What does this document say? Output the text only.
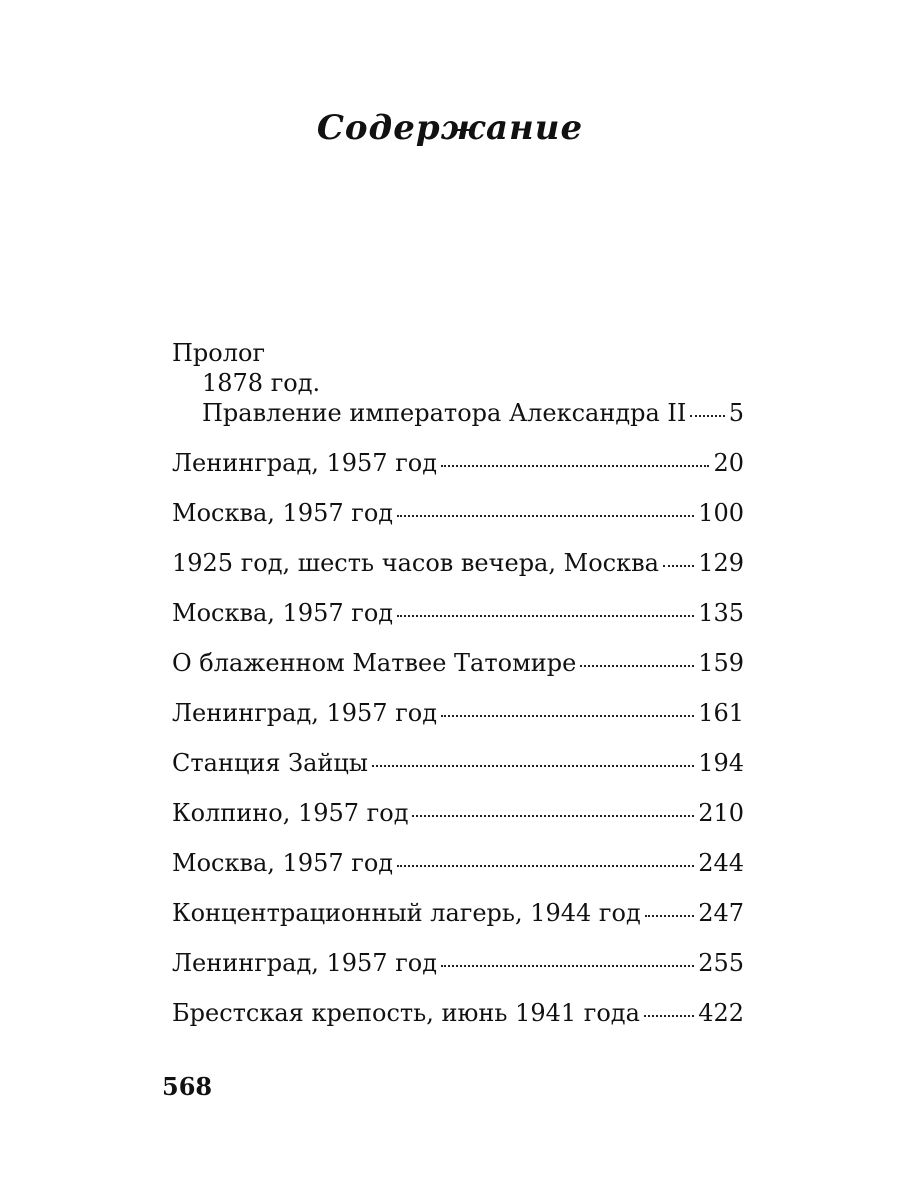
Содержание
Пролог
1878 год.
Правление императора Александра II 5
Ленинград, 1957 год	20
Москва, 1957 год	100
1925 год, шесть часов вечера, Москва 129
Москва, 1957 год	135
О блаженном Матвее Татомире	159
Ленинград, 1957 год	161
Станция Зайцы	194
Колпино, 1957 год	210
Москва, 1957 год	244
Концентрационный лагерь, 1944 год 247
Ленинград, 1957 год	255
Брестская крепость, июнь 1941 года 422
568
